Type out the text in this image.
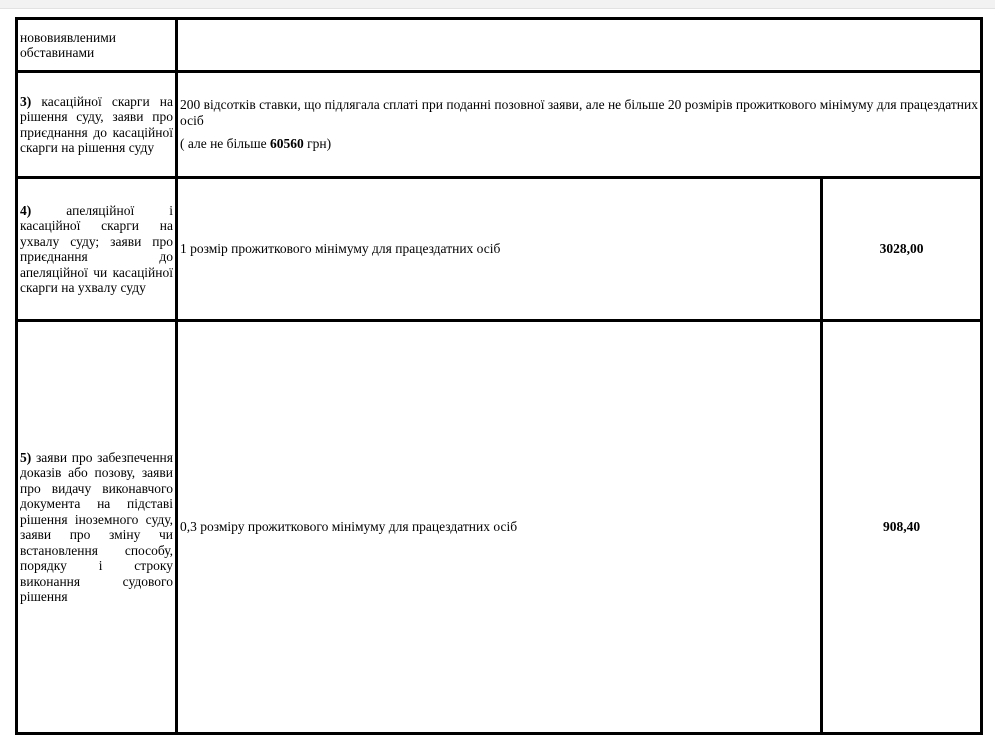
нововиявленими обставинами		
3) касаційної скарги на рішення суду, заяви про приєднання до касаційної скарги на рішення суду	200 відсотків ставки, що підлягала сплаті при поданні позовної заяви, але не більше 20 розмірів прожиткового мінімуму для працездатних осіб

( але не більше 60560 грн)	

4) апеляційної і касаційної скарги на ухвалу суду; заяви про приєднання до апеляційної чи касаційної скарги на ухвалу суду	1 розмір прожиткового мінімуму для працездатних осіб	3028,00
5) заяви про забезпечення доказів або позову, заяви про видачу виконавчого документа на підставі рішення іноземного суду, заяви про зміну чи встановлення способу, порядку і строку виконання судового рішення	0,3 розміру прожиткового мінімуму для працездатних осіб	908,40
